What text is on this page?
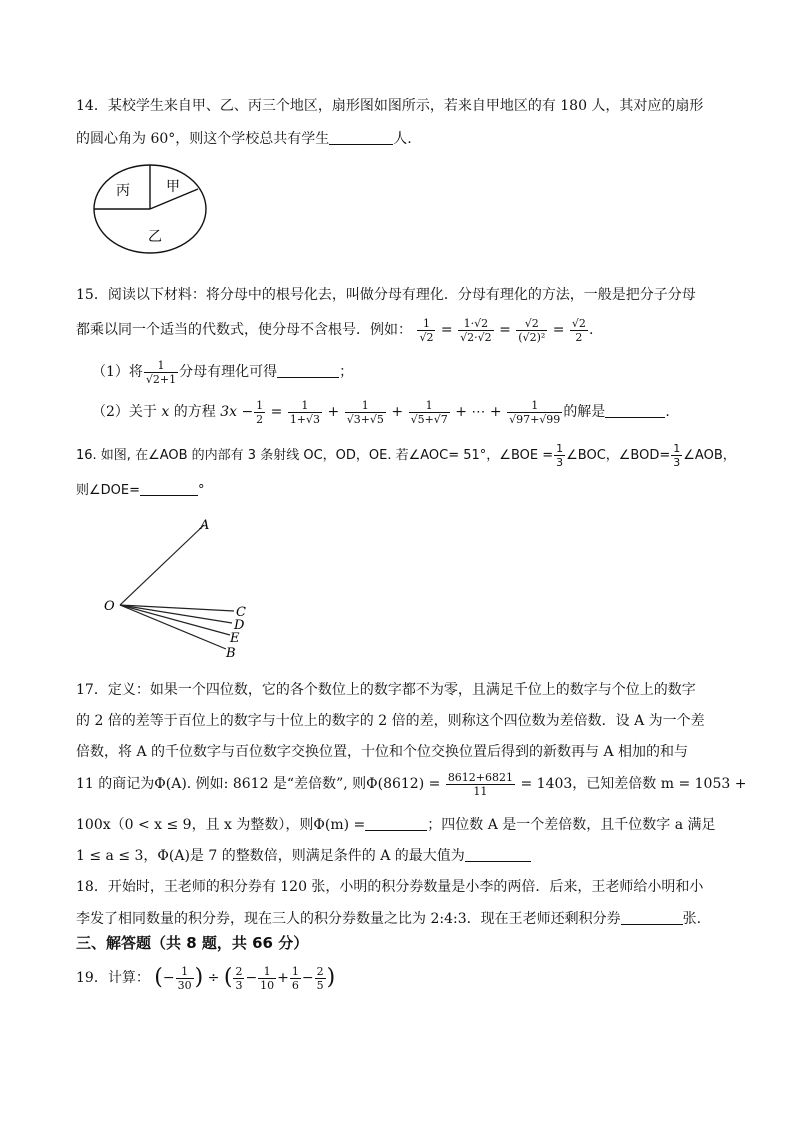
14．某校学生来自甲、乙、丙三个地区，扇形图如图所示，若来自甲地区的有 180 人，其对应的扇形
的圆心角为 60°，则这个学校总共有学生	人.
丙	甲
乙
15．阅读以下材料：将分母中的根号化去，叫做分母有理化．分母有理化的方法，一般是把分子分母
都乘以同一个适当的代数式，使分母不含根号．例如： $\frac{1}{√2} = \frac{1\cdot√2}{√2\cdot√2} = \frac{√2}{\text{(√2)²}} = \frac{√2}{2}$ .
（1）将 $\frac{1}{√2+1}$ 分母有理化可得	；
（2）关于 x 的方程 $3x - \frac{1}{2} = \frac{1}{1+√3} + \frac{1}{√3+√5} + \frac{1}{√5+√7}$ + ⋯ + $\frac{1}{√97+√99}$ 的解是	.
16. 如图, 在∠AOB 的内部有 3 条射线 OC，OD，OE. 若∠AOC= 51°，∠BOE = $\frac{1}{3}$ ∠BOC，∠BOD= $\frac{1}{3}$ ∠AOB，
则∠DOE=	°
A
O	C
D
E
B
17．定义：如果一个四位数，它的各个数位上的数字都不为零，且满足千位上的数字与个位上的数字
的 2 倍的差等于百位上的数字与十位上的数字的 2 倍的差，则称这个四位数为差倍数．设 A 为一个差
倍数，将 A 的千位数字与百位数字交换位置，十位和个位交换位置后得到的新数再与 A 相加的和与
11 的商记为Φ(A). 例如: 8612 是“差倍数”, 则$\Phi(8612) = \frac{8612+6821}{11} = 1403$，已知差倍数 m = 1053 +
100x（0 < x ≤ 9，且 x 为整数），则Φ(m) =	；四位数 A 是一个差倍数，且千位数字 a 满足
1 ≤ a ≤ 3，Φ(A)是 7 的整数倍，则满足条件的 A 的最大值为
18．开始时，王老师的积分券有 120 张，小明的积分券数量是小李的两倍．后来，王老师给小明和小
李发了相同数量的积分券，现在三人的积分券数量之比为 2:4:3．现在王老师还剩积分券	张.
三、解答题（共 8 题，共 66 分）
19．计算： (− $\frac{1}{30}$ ) ÷ ( $\frac{2}{3} - \frac{1}{10} + \frac{1}{6} - \frac{2}{5}$ )
